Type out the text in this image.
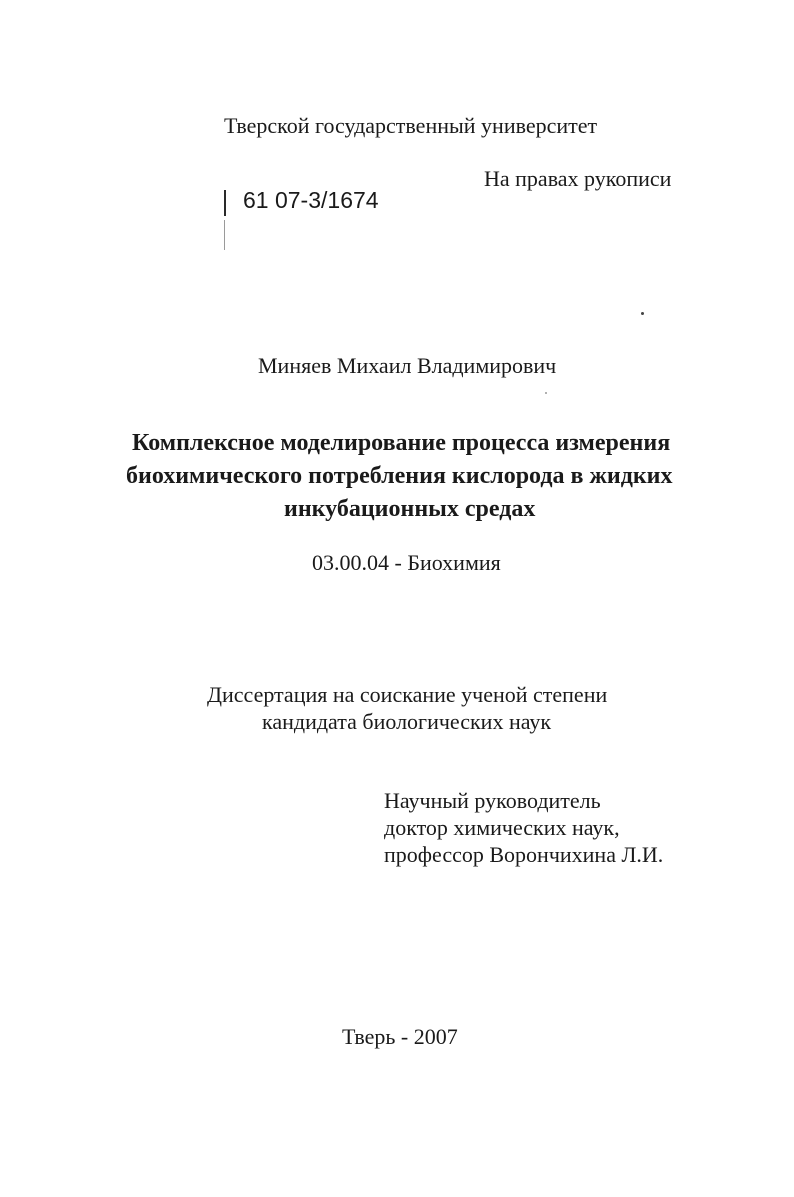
Тверской государственный университет
На правах рукописи
61 07-3/1674
Миняев Михаил Владимирович
Комплексное моделирование процесса измерения
биохимического потребления кислорода в жидких
инкубационных средах
03.00.04 - Биохимия
Диссертация на соискание ученой степени
кандидата биологических наук
Научный руководитель
доктор химических наук,
профессор Ворончихина Л.И.
Тверь - 2007
